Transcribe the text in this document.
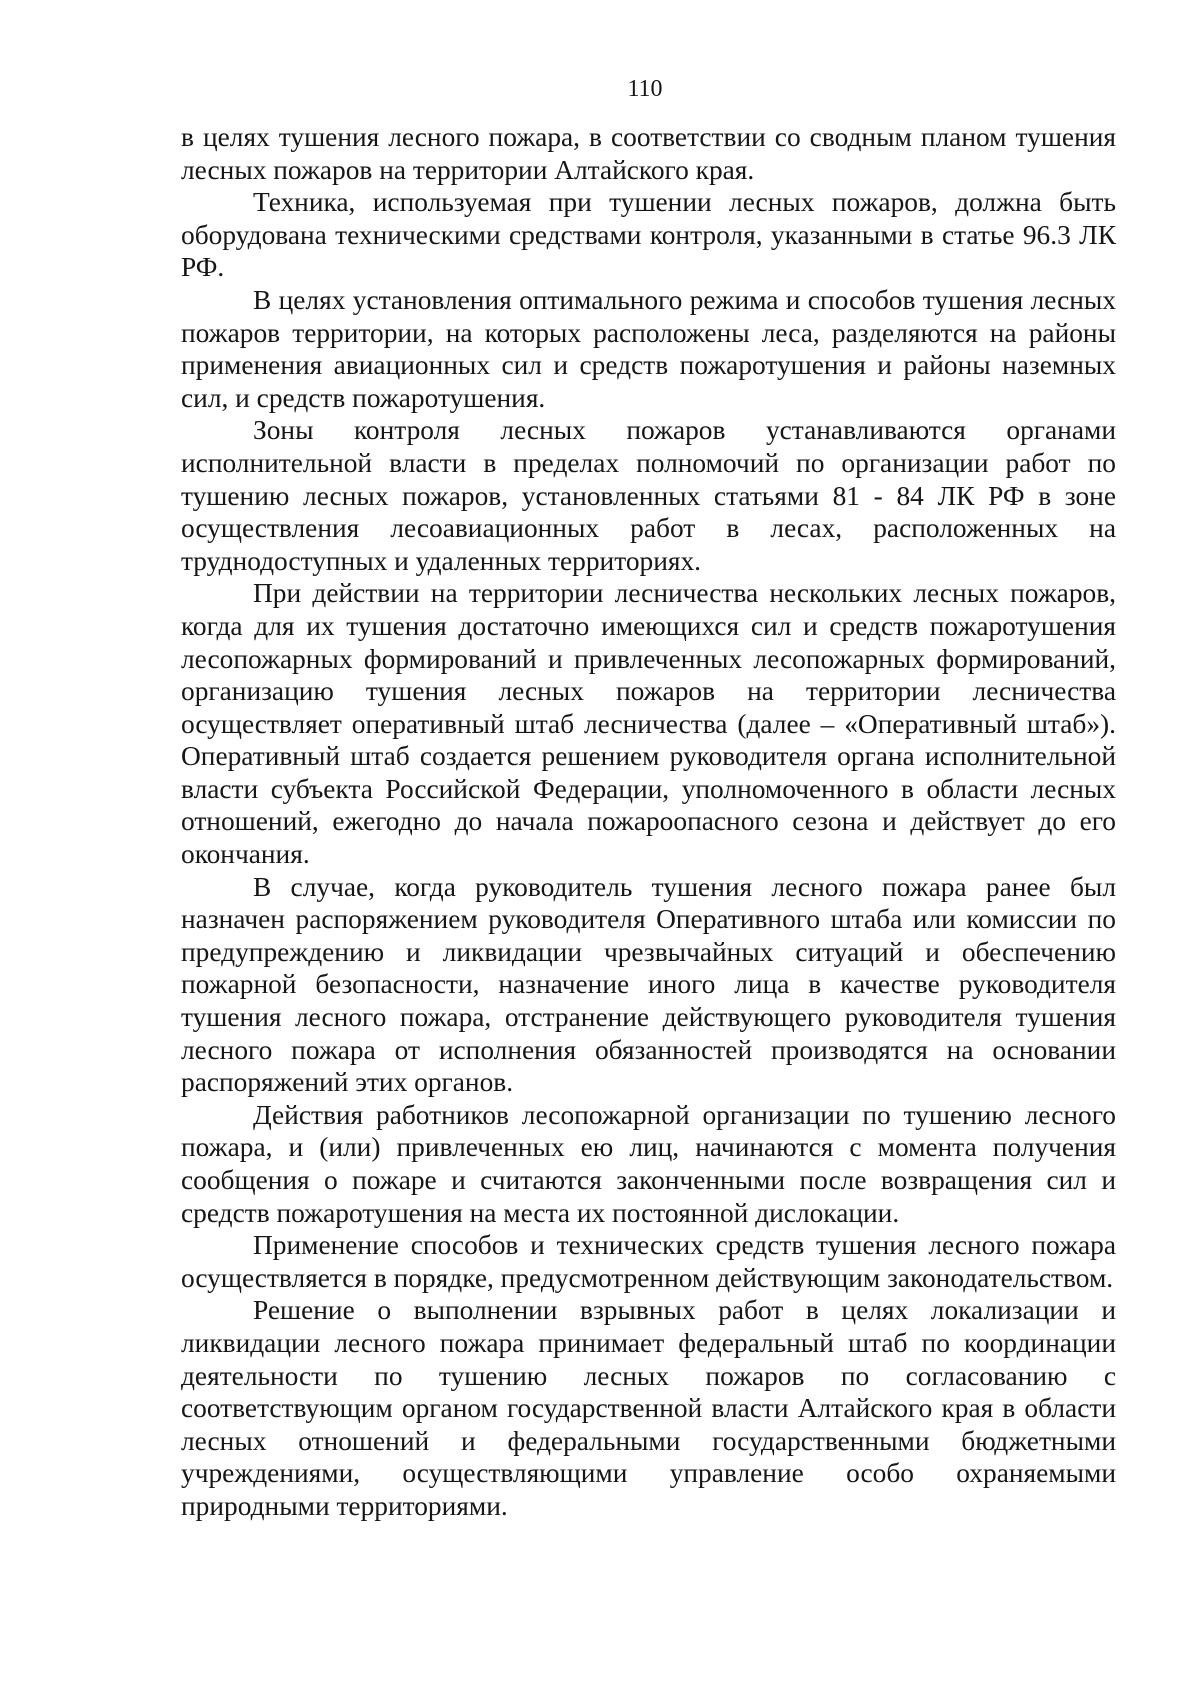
110

в целях тушения лесного пожара, в соответствии со сводным планом тушения лесных пожаров на территории Алтайского края.

Техника, используемая при тушении лесных пожаров, должна быть оборудована техническими средствами контроля, указанными в статье 96.3 ЛК РФ.

В целях установления оптимального режима и способов тушения лесных пожаров территории, на которых расположены леса, разделяются на районы применения авиационных сил и средств пожаротушения и районы наземных сил, и средств пожаротушения.

Зоны контроля лесных пожаров устанавливаются органами исполнительной власти в пределах полномочий по организации работ по тушению лесных пожаров, установленных статьями 81 - 84 ЛК РФ в зоне осуществления лесоавиационных работ в лесах, расположенных на труднодоступных и удаленных территориях.

При действии на территории лесничества нескольких лесных пожаров, когда для их тушения достаточно имеющихся сил и средств пожаротушения лесопожарных формирований и привлеченных лесопожарных формирований, организацию тушения лесных пожаров на территории лесничества осуществляет оперативный штаб лесничества (далее – «Оперативный штаб»). Оперативный штаб создается решением руководителя органа исполнительной власти субъекта Российской Федерации, уполномоченного в области лесных отношений, ежегодно до начала пожароопасного сезона и действует до его окончания.

В случае, когда руководитель тушения лесного пожара ранее был назначен распоряжением руководителя Оперативного штаба или комиссии по предупреждению и ликвидации чрезвычайных ситуаций и обеспечению пожарной безопасности, назначение иного лица в качестве руководителя тушения лесного пожара, отстранение действующего руководителя тушения лесного пожара от исполнения обязанностей производятся на основании распоряжений этих органов.

Действия работников лесопожарной организации по тушению лесного пожара, и (или) привлеченных ею лиц, начинаются с момента получения сообщения о пожаре и считаются законченными после возвращения сил и средств пожаротушения на места их постоянной дислокации.

Применение способов и технических средств тушения лесного пожара осуществляется в порядке, предусмотренном действующим законодательством.

Решение о выполнении взрывных работ в целях локализации и ликвидации лесного пожара принимает федеральный штаб по координации деятельности по тушению лесных пожаров по согласованию с соответствующим органом государственной власти Алтайского края в области лесных отношений и федеральными государственными бюджетными учреждениями, осуществляющими управление особо охраняемыми природными территориями.
